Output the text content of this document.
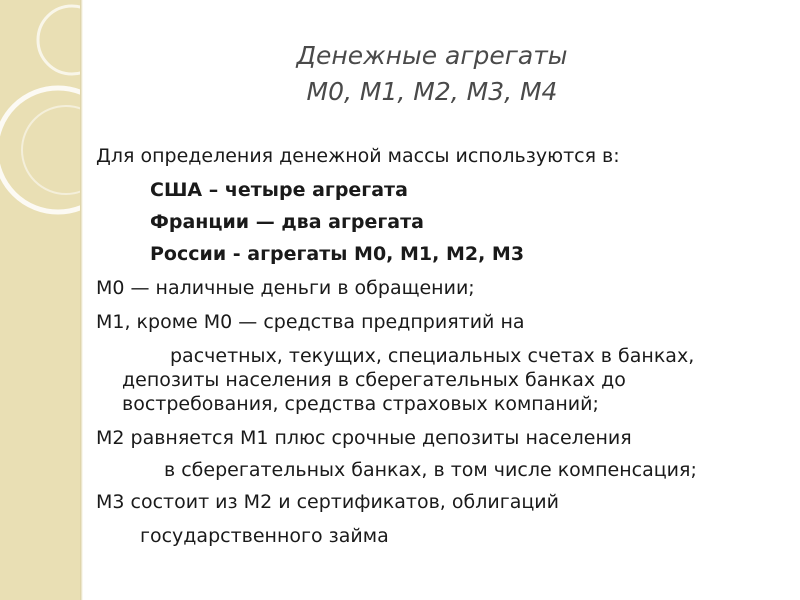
Денежные агрегаты
М0, М1, М2, М3, М4
Для определения денежной массы используются в:
США – четыре агрегата
Франции — два агрегата
России - агрегаты М0, М1, М2, М3
М0 — наличные деньги в обращении;
М1, кроме М0 — средства предприятий на
расчетных, текущих, специальных счетах в банках,
депозиты населения в сберегательных банках до
востребования, средства страховых компаний;
М2 равняется М1 плюс срочные депозиты населения
в сберегательных банках, в том числе компенсация;
М3 состоит из М2 и сертификатов, облигаций
государственного займа
